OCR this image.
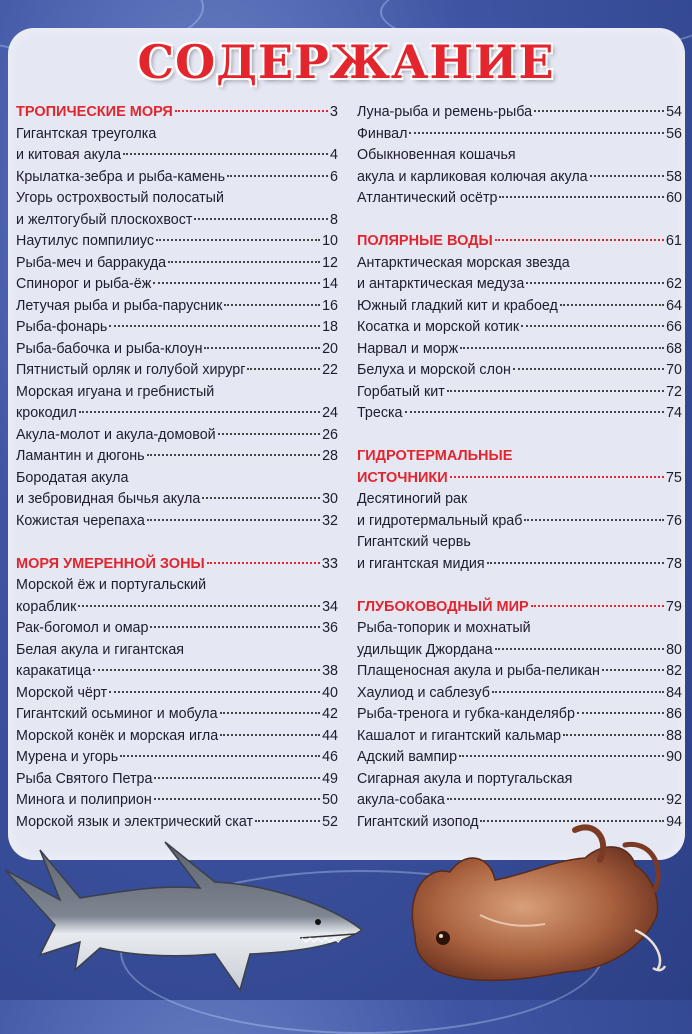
СОДЕРЖАНИЕ
ТРОПИЧЕСКИЕ МОРЯ	3
Гигантская треуголка
и китовая акула	4
Крылатка-зебра и рыба-камень	6
Угорь острохвостый полосатый
и желтогубый плоскохвост	8
Наутилус помпилиус	10
Рыба-меч и барракуда	12
Спинорог и рыба-ёж	14
Летучая рыба и рыба-парусник	16
Рыба-фонарь	18
Рыба-бабочка и рыба-клоун	20
Пятнистый орляк и голубой хирург	22
Морская игуана и гребнистый
крокодил	24
Акула-молот и акула-домовой	26
Ламантин и дюгонь	28
Бородатая акула
и зебровидная бычья акула	30
Кожистая черепаха	32
МОРЯ УМЕРЕННОЙ ЗОНЫ	33
Морской ёж и португальский
кораблик	34
Рак-богомол и омар	36
Белая акула и гигантская
каракатица	38
Морской чёрт	40
Гигантский осьминог и мобула	42
Морской конёк и морская игла	44
Мурена и угорь	46
Рыба Святого Петра	49
Минога и полиприон	50
Морской язык и электрический скат	52
Луна-рыба и ремень-рыба	54
Финвал	56
Обыкновенная кошачья
акула и карликовая колючая акула	58
Атлантический осётр	60
ПОЛЯРНЫЕ ВОДЫ	61
Антарктическая морская звезда
и антарктическая медуза	62
Южный гладкий кит и крабоед	64
Косатка и морской котик	66
Нарвал и морж	68
Белуха и морской слон	70
Горбатый кит	72
Треска	74
ГИДРОТЕРМАЛЬНЫЕ
ИСТОЧНИКИ	75
Десятиногий рак
и гидротермальный краб	76
Гигантский червь
и гигантская мидия	78
ГЛУБОКОВОДНЫЙ МИР	79
Рыба-топорик и мохнатый
удильщик Джордана	80
Плащеносная акула и рыба-пеликан	82
Хаулиод и саблезуб	84
Рыба-тренога и губка-канделябр	86
Кашалот и гигантский кальмар	88
Адский вампир	90
Сигарная акула и португальская
акула-собака	92
Гигантский изопод	94
